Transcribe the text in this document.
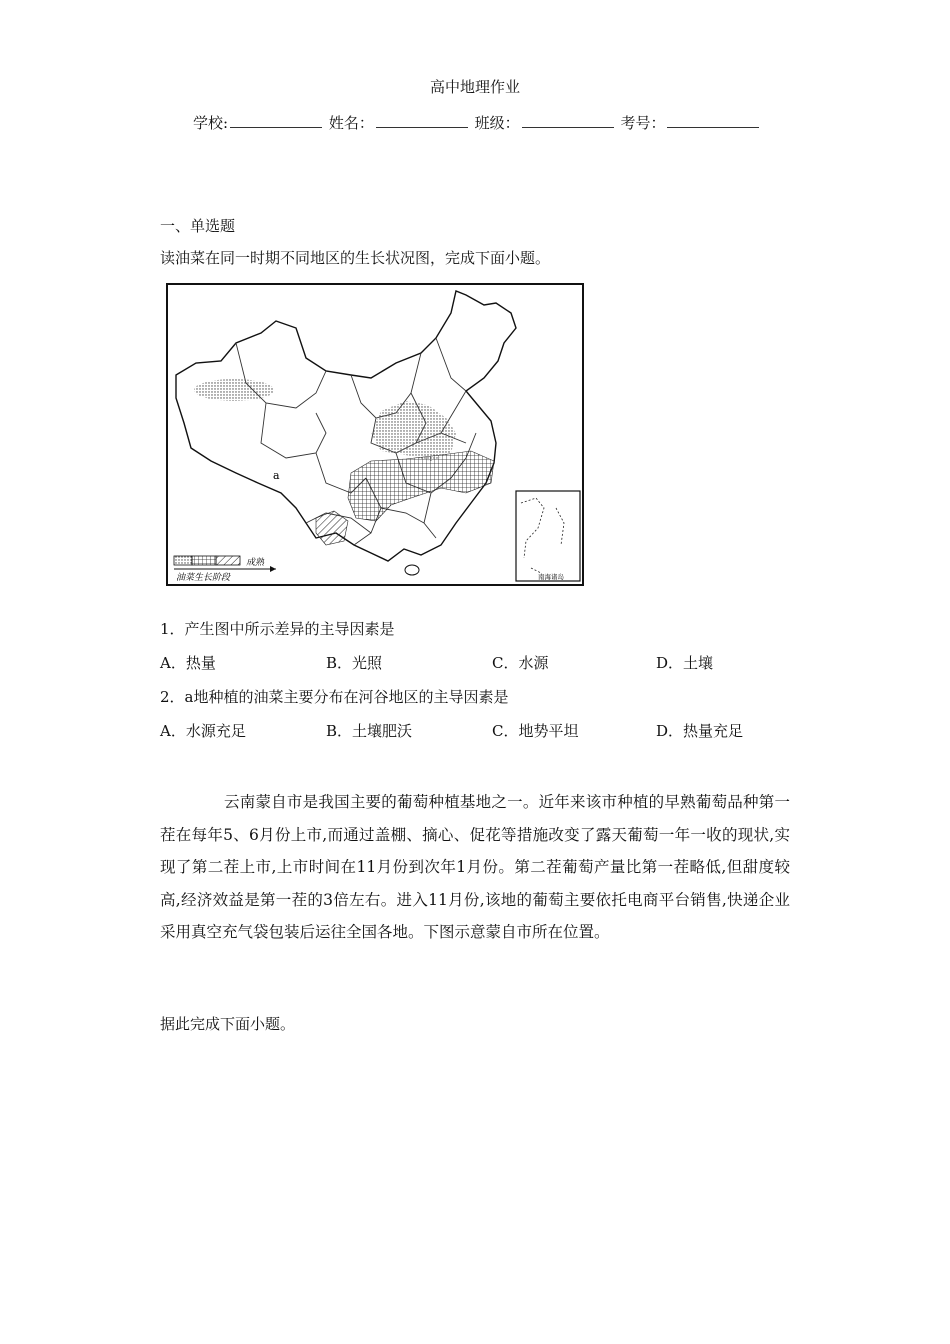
高中地理作业
学校:	姓名：	班级：	考号：
一、单选题
读油菜在同一时期不同地区的生长状况图，完成下面小题。
a
南海诸岛
成熟
油菜生长阶段
1．产生图中所示差异的主导因素是
A．热量	B．光照	C．水源	D．土壤
2．a地种植的油菜主要分布在河谷地区的主导因素是
A．水源充足	B．土壤肥沃	C．地势平坦	D．热量充足

云南蒙自市是我国主要的葡萄种植基地之一。近年来该市种植的早熟葡萄品种第一茬在每年5、6月份上市,而通过盖棚、摘心、促花等措施改变了露天葡萄一年一收的现状,实现了第二茬上市,上市时间在11月份到次年1月份。第二茬葡萄产量比第一茬略低,但甜度较高,经济效益是第一茬的3倍左右。进入11月份,该地的葡萄主要依托电商平台销售,快递企业采用真空充气袋包装后运往全国各地。下图示意蒙自市所在位置。

据此完成下面小题。
